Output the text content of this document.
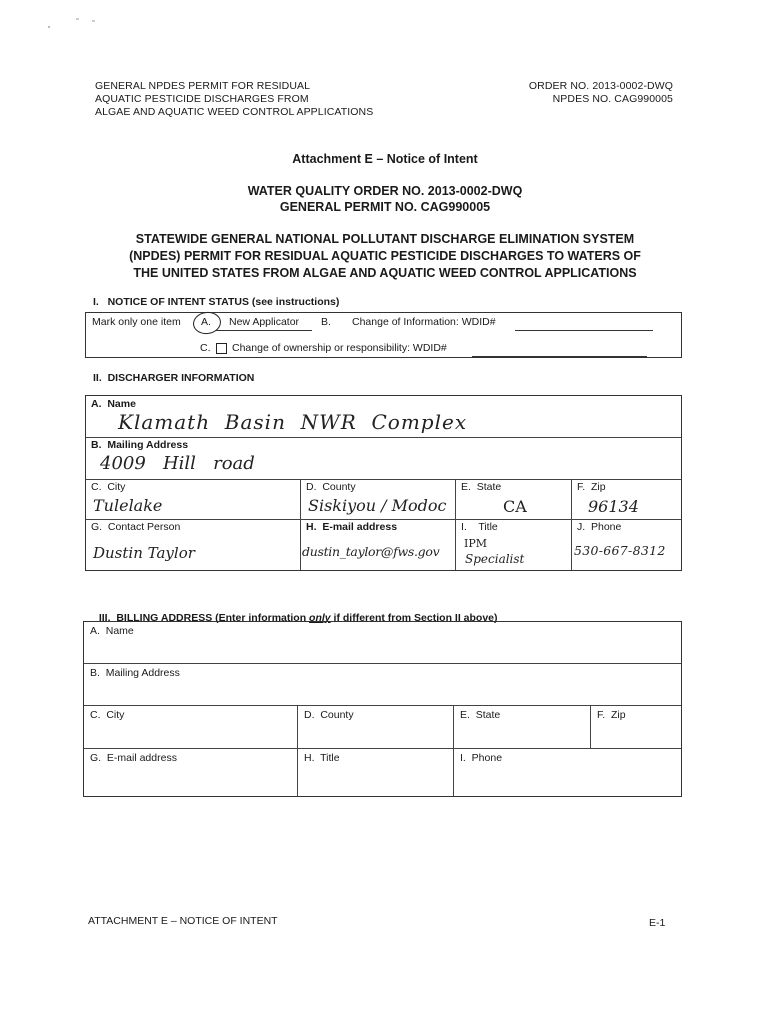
GENERAL NPDES PERMIT FOR RESIDUAL
AQUATIC PESTICIDE DISCHARGES FROM
ALGAE AND AQUATIC WEED CONTROL APPLICATIONS
ORDER NO. 2013-0002-DWQ
NPDES NO. CAG990005
Attachment E – Notice of Intent
WATER QUALITY ORDER NO. 2013-0002-DWQ
GENERAL PERMIT NO. CAG990005
STATEWIDE GENERAL NATIONAL POLLUTANT DISCHARGE ELIMINATION SYSTEM
(NPDES) PERMIT FOR RESIDUAL AQUATIC PESTICIDE DISCHARGES TO WATERS OF
THE UNITED STATES FROM ALGAE AND AQUATIC WEED CONTROL APPLICATIONS
I.   NOTICE OF INTENT STATUS (see instructions)
Mark only one item A. New Applicator B. Change of Information: WDID#
C. Change of ownership or responsibility: WDID#
II.  DISCHARGER INFORMATION
A.  Name
Klamath  Basin  NWR  Complex
B.  Mailing Address
4009   Hill   road
C.  City
Tulelake
D.  County
Siskiyou / Modoc
E.  State
CA
F.  Zip
96134
G.  Contact Person
Dustin Taylor
H.  E-mail address
dustin_taylor@fws.gov
I.    Title
IPM
Specialist
J.  Phone
530-667-8312

III.  BILLING ADDRESS (Enter information only if different from Section II above)

A.  Name
B.  Mailing Address
C.  City	D.  County	E.  State	F.  Zip
G.  E-mail address	H.  Title	I.  Phone
ATTACHMENT E – NOTICE OF INTENT	E-1
